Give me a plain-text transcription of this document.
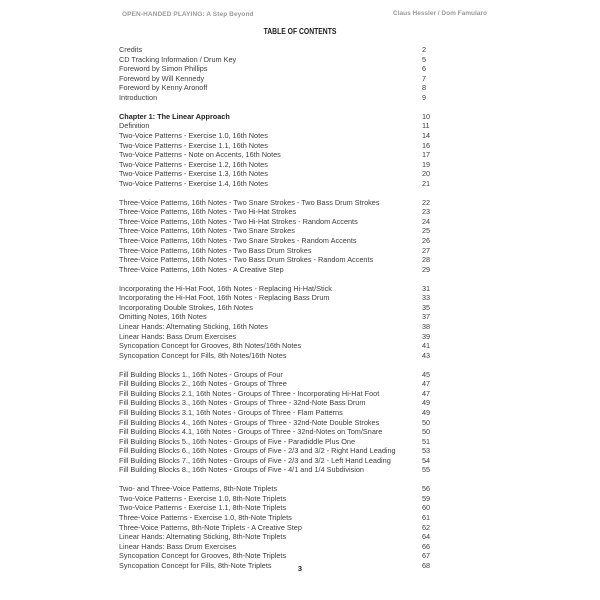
OPEN-HANDED PLAYING: A Step Beyond	Claus Hessler / Dom Famularo
TABLE OF CONTENTS
Credits	2
CD Tracking Information / Drum Key	5
Foreword by Simon Phillips	6
Foreword by Will Kennedy	7
Foreword by Kenny Aronoff	8
Introduction	9
Chapter 1: The Linear Approach	10
Definition	11
Two-Voice Patterns - Exercise 1.0, 16th Notes	14
Two-Voice Patterns - Exercise 1.1, 16th Notes	16
Two-Voice Patterns - Note on Accents, 16th Notes	17
Two-Voice Patterns - Exercise 1.2, 16th Notes	19
Two-Voice Patterns - Exercise 1.3, 16th Notes	20
Two-Voice Patterns - Exercise 1.4, 16th Notes	21
Three-Voice Patterns, 16th Notes - Two Snare Strokes - Two Bass Drum Strokes	22
Three-Voice Patterns, 16th Notes - Two Hi-Hat Strokes	23
Three-Voice Patterns, 16th Notes - Two Hi-Hat Strokes - Random Accents	24
Three-Voice Patterns, 16th Notes - Two Snare Strokes	25
Three-Voice Patterns, 16th Notes - Two Snare Strokes - Random Accents	26
Three-Voice Patterns, 16th Notes - Two Bass Drum Strokes	27
Three-Voice Patterns, 16th Notes - Two Bass Drum Strokes - Random Accents	28
Three-Voice Patterns, 16th Notes - A Creative Step	29
Incorporating the Hi-Hat Foot, 16th Notes - Replacing Hi-Hat/Stick	31
Incorporating the Hi-Hat Foot, 16th Notes - Replacing Bass Drum	33
Incorporating Double Strokes, 16th Notes	35
Omitting Notes, 16th Notes	37
Linear Hands: Alternating Sticking, 16th Notes	38
Linear Hands: Bass Drum Exercises	39
Syncopation Concept for Grooves, 8th Notes/16th Notes	41
Syncopation Concept for Fills, 8th Notes/16th Notes	43
Fill Building Blocks 1., 16th Notes - Groups of Four	45
Fill Building Blocks 2., 16th Notes - Groups of Three	47
Fill Building Blocks 2.1, 16th Notes - Groups of Three - Incorporating Hi-Hat Foot	47
Fill Building Blocks 3., 16th Notes - Groups of Three - 32nd-Note Bass Drum	49
Fill Building Blocks 3.1, 16th Notes - Groups of Three - Flam Patterns	49
Fill Building Blocks 4., 16th Notes - Groups of Three - 32nd-Note Double Strokes	50
Fill Building Blocks 4.1, 16th Notes - Groups of Three - 32nd-Notes on Tom/Snare	50
Fill Building Blocks 5., 16th Notes - Groups of Five - Paradiddle Plus One	51
Fill Building Blocks 6., 16th Notes - Groups of Five - 2/3 and 3/2 - Right Hand Leading	53
Fill Building Blocks 7., 16th Notes - Groups of Five - 2/3 and 3/2 - Left Hand Leading	54
Fill Building Blocks 8., 16th Notes - Groups of Five - 4/1 and 1/4 Subdivision	55
Two- and Three-Voice Patterns, 8th-Note Triplets	56
Two-Voice Patterns - Exercise 1.0, 8th-Note Triplets	59
Two-Voice Patterns - Exercise 1.1, 8th-Note Triplets	60
Three-Voice Patterns - Exercise 1.0, 8th-Note Triplets	61
Three-Voice Patterns, 8th-Note Triplets - A Creative Step	62
Linear Hands: Alternating Sticking, 8th-Note Triplets	64
Linear Hands: Bass Drum Exercises	66
Syncopation Concept for Grooves, 8th-Note Triplets	67
Syncopation Concept for Fills, 8th-Note Triplets	68
3
